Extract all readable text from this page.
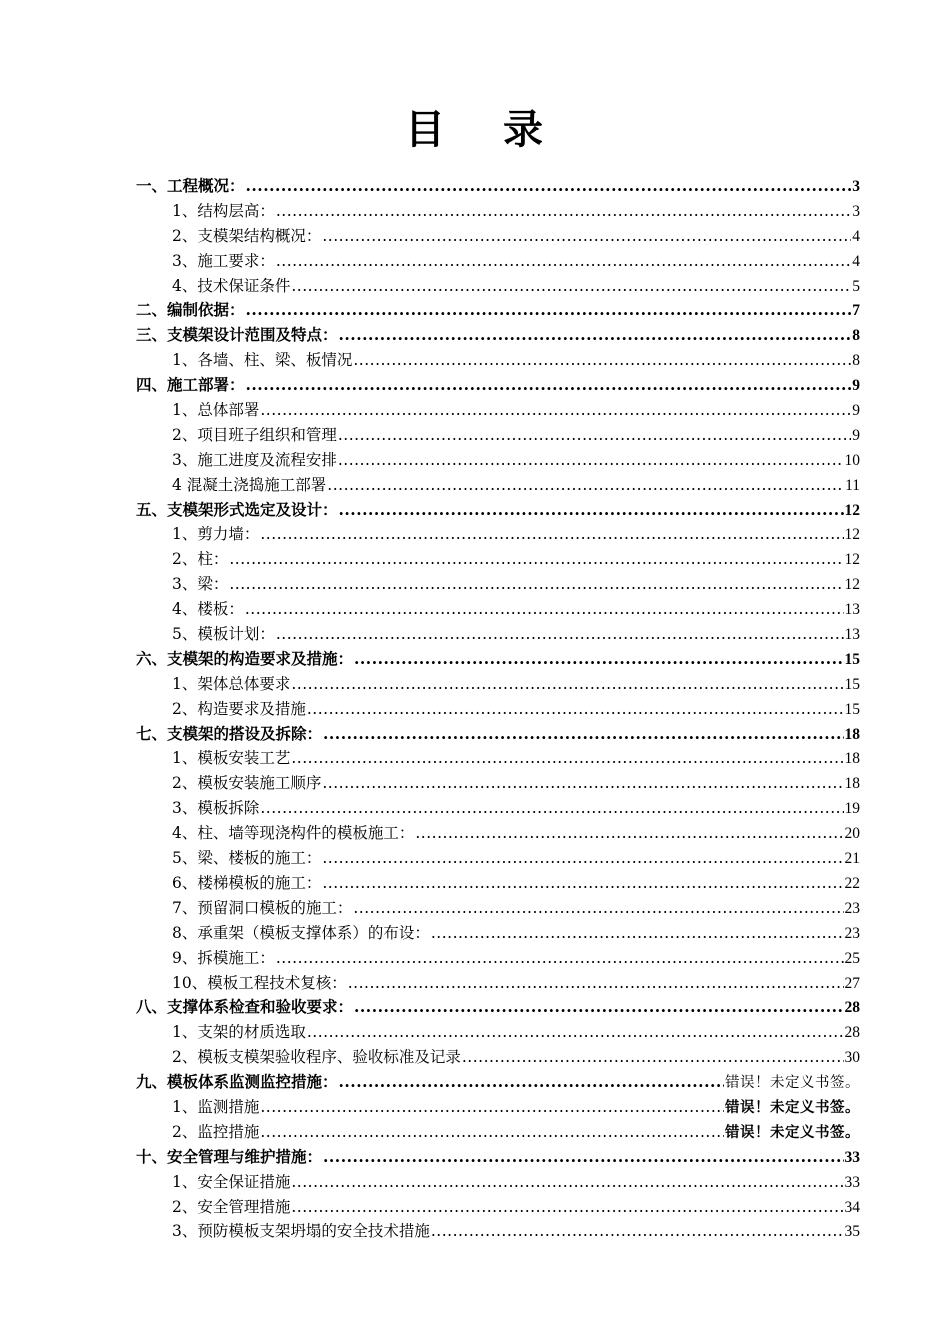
目 录
一、工程概况： .....	3
1、结构层高： .....	3
2、支模架结构概况： .....	4
3、施工要求： .....	4
4、技术保证条件 .....	5
二、编制依据： .....	7
三、支模架设计范围及特点： .....	8
1、各墙、柱、梁、板情况 .....	8
四、施工部署： .....	9
1、总体部署 .....	9
2、项目班子组织和管理 .....	9
3、施工进度及流程安排 .....	10
4 混凝土浇捣施工部署 .....	11
五、支模架形式选定及设计： .....	12
1、剪力墙： .....	12
2、柱： .....	12
3、梁： .....	12
4、楼板： .....	13
5、模板计划： .....	13
六、支模架的构造要求及措施： .....	15
1、架体总体要求 .....	15
2、构造要求及措施 .....	15
七、支模架的搭设及拆除： .....	18
1、模板安装工艺 .....	18
2、模板安装施工顺序 .....	18
3、模板拆除 .....	19
4、柱、墙等现浇构件的模板施工： .....	20
5、梁、楼板的施工： .....	21
6、楼梯模板的施工： .....	22
7、预留洞口模板的施工： .....	23
8、承重架（模板支撑体系）的布设： .....	23
9、拆模施工： .....	25
10、模板工程技术复核： .....	27
八、支撑体系检查和验收要求： .....	28
1、支架的材质选取 .....	28
2、模板支模架验收程序、验收标准及记录 .....	30
九、模板体系监测监控措施： .....	错误！未定义书签。
1、监测措施 .....	错误！未定义书签。
2、监控措施 .....	错误！未定义书签。
十、安全管理与维护措施： .....	33
1、安全保证措施 .....	33
2、安全管理措施 .....	34
3、预防模板支架坍塌的安全技术措施 .....	35
